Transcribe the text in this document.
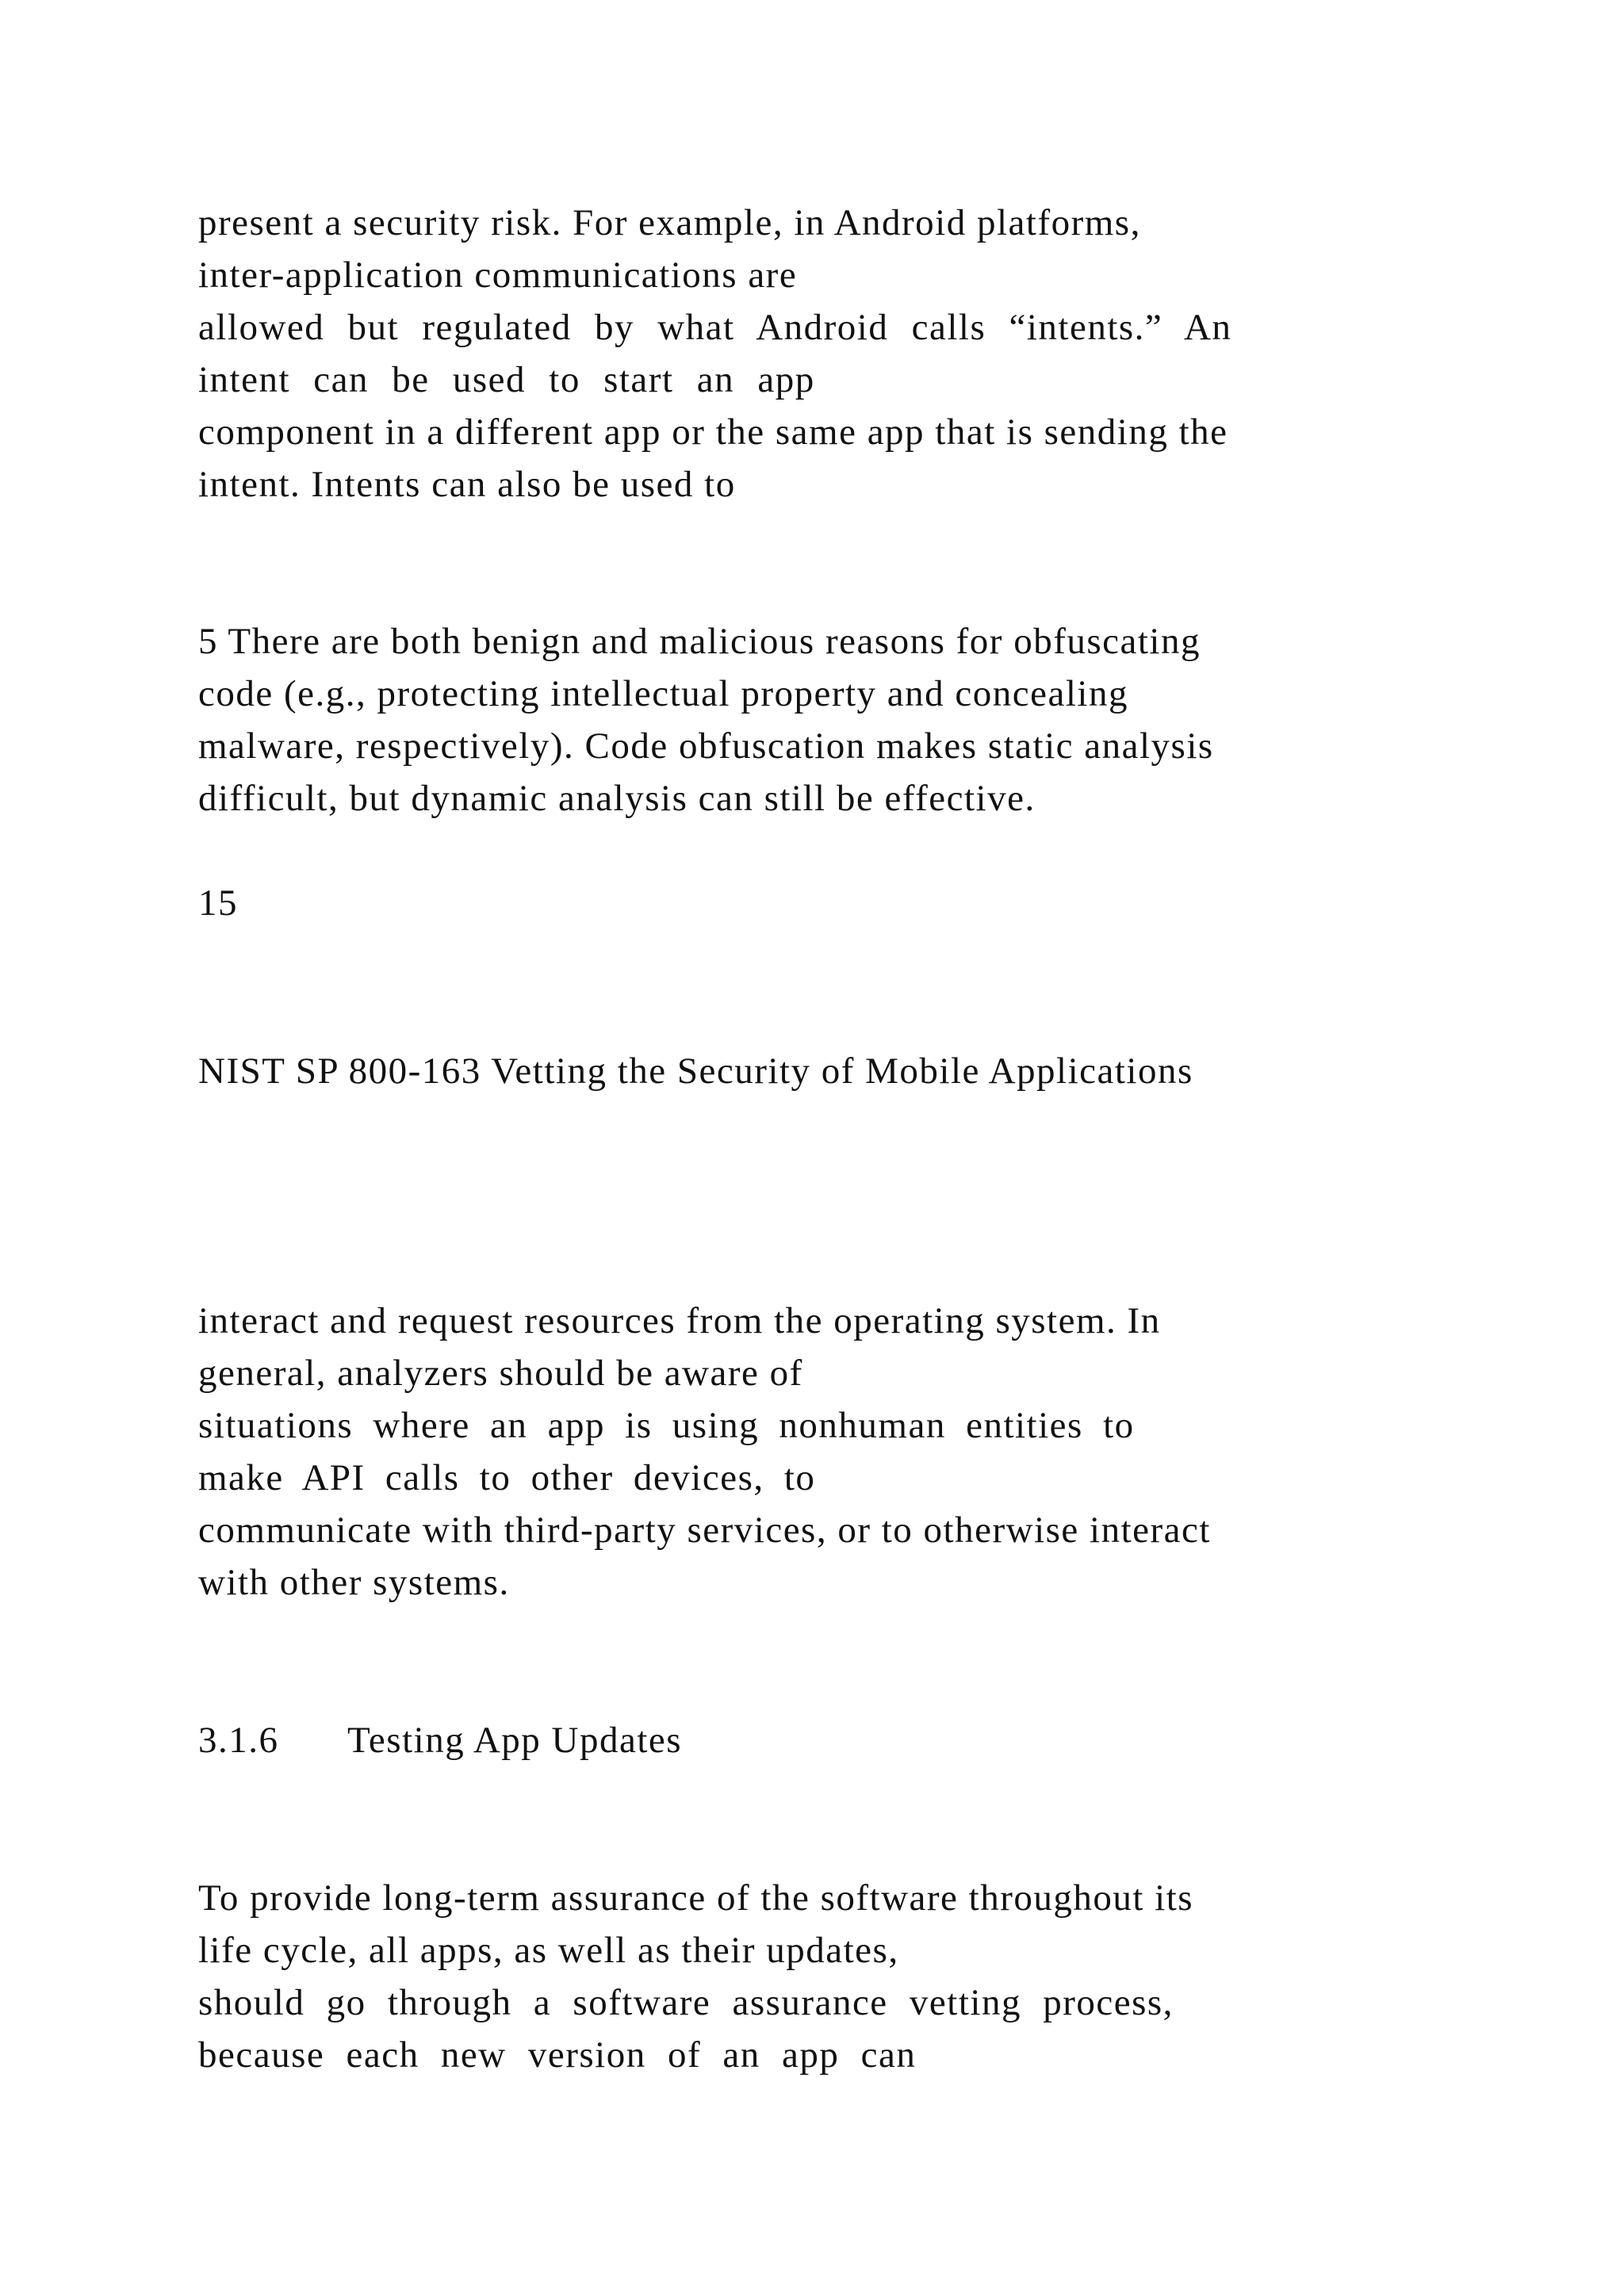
present a security risk. For example, in Android platforms,
inter-application communications are
allowed but regulated by what Android calls “intents.” An
intent can be used to start an app
component in a different app or the same app that is sending the
intent. Intents can also be used to
5 There are both benign and malicious reasons for obfuscating
code (e.g., protecting intellectual property and concealing
malware, respectively). Code obfuscation makes static analysis
difficult, but dynamic analysis can still be effective.
15
NIST SP 800-163 Vetting the Security of Mobile Applications
interact and request resources from the operating system. In
general, analyzers should be aware of
situations where an app is using nonhuman entities to
make API calls to other devices, to
communicate with third-party services, or to otherwise interact
with other systems.
3.1.6 Testing App Updates
To provide long-term assurance of the software throughout its
life cycle, all apps, as well as their updates,
should go through a software assurance vetting process,
because each new version of an app can
